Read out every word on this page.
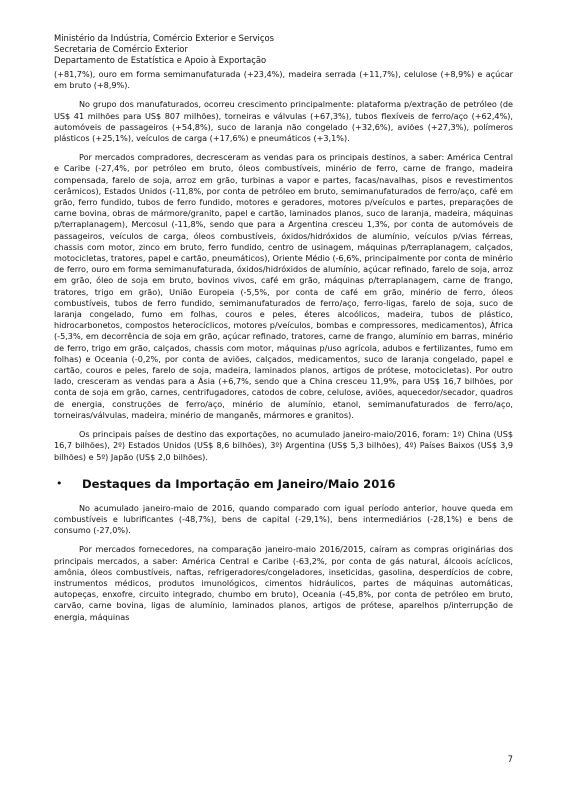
Ministério da Indústria, Comércio Exterior e Serviços
Secretaria de Comércio Exterior
Departamento de Estatística e Apoio à Exportação

(+81,7%), ouro em forma semimanufaturada (+23,4%), madeira serrada (+11,7%), celulose (+8,9%) e açúcar em bruto (+8,9%).

No grupo dos manufaturados, ocorreu crescimento principalmente: plataforma p/extração de petróleo (de US$ 41 milhões para US$ 807 milhões), torneiras e válvulas (+67,3%), tubos flexíveis de ferro/aço (+62,4%), automóveis de passageiros (+54,8%), suco de laranja não congelado (+32,6%), aviões (+27,3%), polímeros plásticos (+25,1%), veículos de carga (+17,6%) e pneumáticos (+3,1%).

Por mercados compradores, decresceram as vendas para os principais destinos, a saber: América Central e Caribe (-27,4%, por petróleo em bruto, óleos combustíveis, minério de ferro, carne de frango, madeira compensada, farelo de soja, arroz em grão, turbinas a vapor e partes, facas/navalhas, pisos e revestimentos cerâmicos), Estados Unidos (-11,8%, por conta de petróleo em bruto, semimanufaturados de ferro/aço, café em grão, ferro fundido, tubos de ferro fundido, motores e geradores, motores p/veículos e partes, preparações de carne bovina, obras de mármore/granito, papel e cartão, laminados planos, suco de laranja, madeira, máquinas p/terraplanagem), Mercosul (-11,8%, sendo que para a Argentina cresceu 1,3%, por conta de automóveis de passageiros, veículos de carga, óleos combustíveis, óxidos/hidróxidos de alumínio, veículos p/vias férreas, chassis com motor, zinco em bruto, ferro fundido, centro de usinagem, máquinas p/terraplanagem, calçados, motocicletas, tratores, papel e cartão, pneumáticos), Oriente Médio (-6,6%, principalmente por conta de minério de ferro, ouro em forma semimanufaturada, óxidos/hidróxidos de alumínio, açúcar refinado, farelo de soja, arroz em grão, óleo de soja em bruto, bovinos vivos, café em grão, máquinas p/terraplanagem, carne de frango, tratores, trigo em grão), União Europeia (-5,5%, por conta de café em grão, minério de ferro, óleos combustíveis, tubos de ferro fundido, semimanufaturados de ferro/aço, ferro-ligas, farelo de soja, suco de laranja congelado, fumo em folhas, couros e peles, éteres alcoólicos, madeira, tubos de plástico, hidrocarbonetos, compostos heterocíclicos, motores p/veículos, bombas e compressores, medicamentos), África (-5,3%, em decorrência de soja em grão, açúcar refinado, tratores, carne de frango, alumínio em barras, minério de ferro, trigo em grão, calçados, chassis com motor, máquinas p/uso agrícola, adubos e fertilizantes, fumo em folhas) e Oceania (-0,2%, por conta de aviões, calçados, medicamentos, suco de laranja congelado, papel e cartão, couros e peles, farelo de soja, madeira, laminados planos, artigos de prótese, motocicletas). Por outro lado, cresceram as vendas para a Ásia (+6,7%, sendo que a China cresceu 11,9%, para US$ 16,7 bilhões, por conta de soja em grão, carnes, centrifugadores, catodos de cobre, celulose, aviões, aquecedor/secador, quadros de energia, construções de ferro/aço, minério de alumínio, etanol, semimanufaturados de ferro/aço, torneiras/válvulas, madeira, minério de manganês, mármores e granitos).

Os principais países de destino das exportações, no acumulado janeiro-maio/2016, foram: 1º) China (US$ 16,7 bilhões), 2º) Estados Unidos (US$ 8,6 bilhões), 3º) Argentina (US$ 5,3 bilhões), 4º) Países Baixos (US$ 3,9 bilhões) e 5º) Japão (US$ 2,0 bilhões).

•	Destaques da Importação em Janeiro/Maio 2016

No acumulado janeiro-maio de 2016, quando comparado com igual período anterior, houve queda em combustíveis e lubrificantes (-48,7%), bens de capital (-29,1%), bens intermediários (-28,1%) e bens de consumo (-27,0%).

Por mercados fornecedores, na comparação janeiro-maio 2016/2015, caíram as compras originárias dos principais mercados, a saber: América Central e Caribe (-63,2%, por conta de gás natural, álcoois acíclicos, amônia, óleos combustíveis, naftas, refrigeradores/congeladores, inseticidas, gasolina, desperdícios de cobre, instrumentos médicos, produtos imunológicos, cimentos hidráulicos, partes de máquinas automáticas, autopeças, enxofre, circuito integrado, chumbo em bruto), Oceania (-45,8%, por conta de petróleo em bruto, carvão, carne bovina, ligas de alumínio, laminados planos, artigos de prótese, aparelhos p/interrupção de energia, máquinas

7
